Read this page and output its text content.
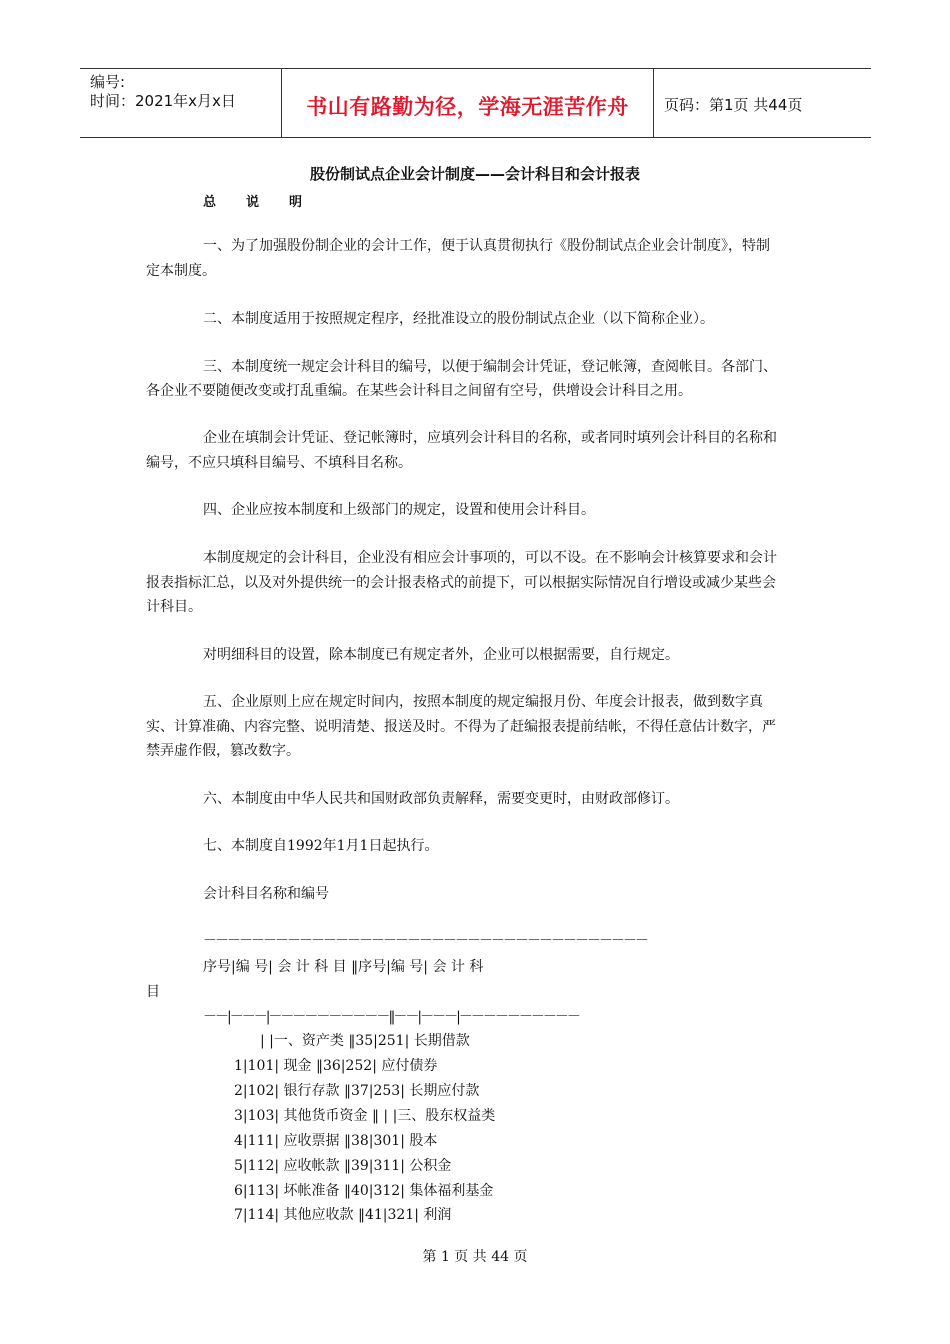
编号:
时间：2021年x月x日	书山有路勤为径，学海无涯苦作舟	页码：第1页 共44页
股份制试点企业会计制度——会计科目和会计报表
总说明
一、为了加强股份制企业的会计工作，便于认真贯彻执行《股份制试点企业会计制度》，特制
定本制度。
二、本制度适用于按照规定程序，经批准设立的股份制试点企业（以下简称企业）。
三、本制度统一规定会计科目的编号，以便于编制会计凭证，登记帐簿，查阅帐目。各部门、
各企业不要随便改变或打乱重编。在某些会计科目之间留有空号，供增设会计科目之用。
企业在填制会计凭证、登记帐簿时，应填列会计科目的名称，或者同时填列会计科目的名称和
编号，不应只填科目编号、不填科目名称。
四、企业应按本制度和上级部门的规定，设置和使用会计科目。
本制度规定的会计科目，企业没有相应会计事项的，可以不设。在不影响会计核算要求和会计
报表指标汇总，以及对外提供统一的会计报表格式的前提下，可以根据实际情况自行增设或减少某些会
计科目。
对明细科目的设置，除本制度已有规定者外，企业可以根据需要，自行规定。
五、企业原则上应在规定时间内，按照本制度的规定编报月份、年度会计报表，做到数字真
实、计算准确、内容完整、说明清楚、报送及时。不得为了赶编报表提前结帐，不得任意估计数字，严
禁弄虚作假，篡改数字。
六、本制度由中华人民共和国财政部负责解释，需要变更时，由财政部修订。
七、本制度自1992年1月1日起执行。
会计科目名称和编号
－－－－－－－－－－－－－－－－－－－－－－－－－－－－－－－－－－－－－
序号|编 号| 会 计 科 目 ‖序号|编 号| 会 计 科
目
－－|－－－|－－－－－－－－－－‖－－|－－－|－－－－－－－－－－
| |一、资产类 ‖35|251| 长期借款
1|101| 现金 ‖36|252| 应付债券
2|102| 银行存款 ‖37|253| 长期应付款
3|103| 其他货币资金 ‖ | |三、股东权益类
4|111| 应收票据 ‖38|301| 股本
5|112| 应收帐款 ‖39|311| 公积金
6|113| 坏帐准备 ‖40|312| 集体福利基金
7|114| 其他应收款 ‖41|321| 利润
第 1 页 共 44 页
